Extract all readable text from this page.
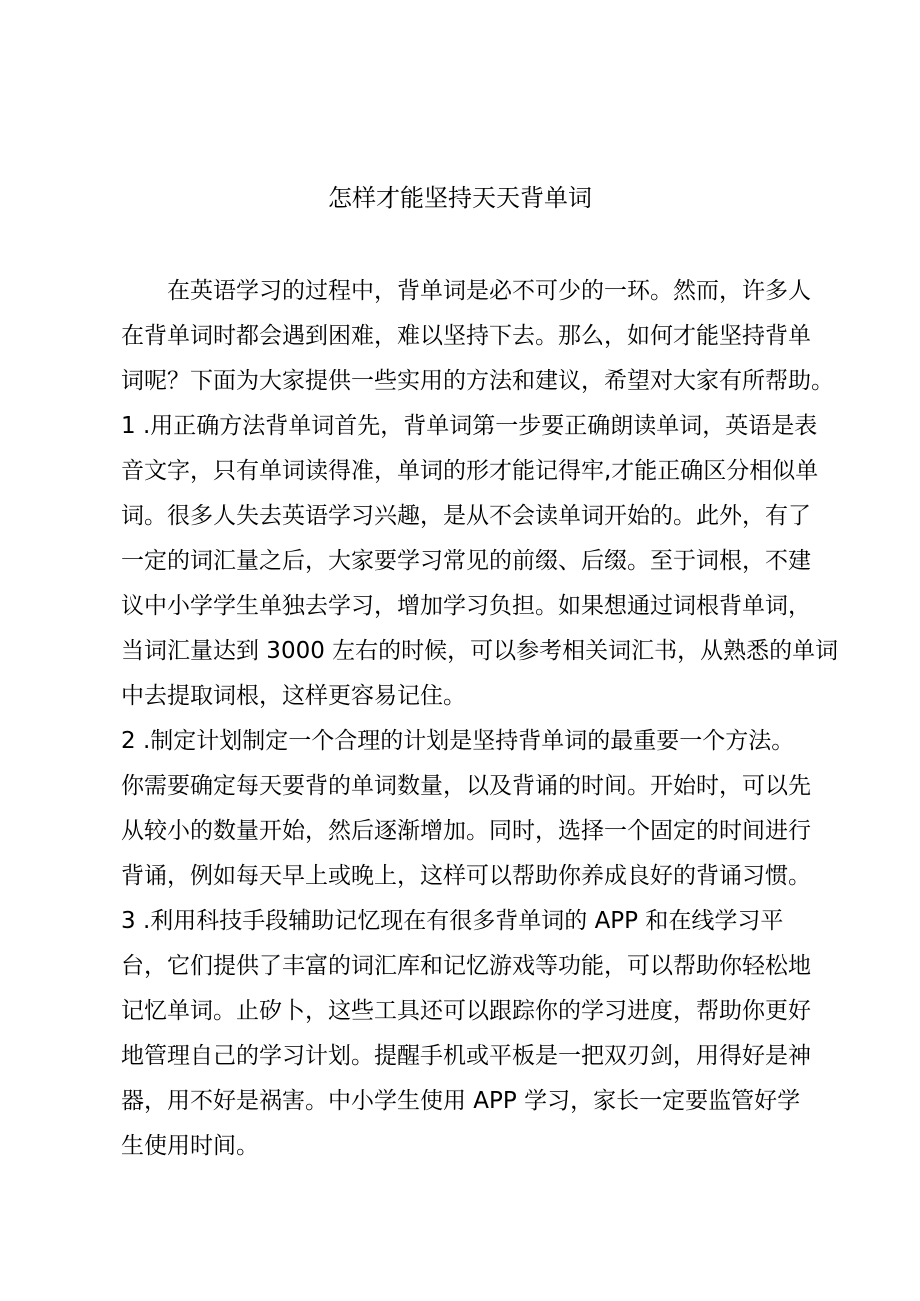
怎样才能坚持天天背单词
在英语学习的过程中，背单词是必不可少的一环。然而，许多人
在背单词时都会遇到困难，难以坚持下去。那么，如何才能坚持背单
词呢？下面为大家提供一些实用的方法和建议，希望对大家有所帮助。
1 .用正确方法背单词首先，背单词第一步要正确朗读单词，英语是表
音文字，只有单词读得准，单词的形才能记得牢,才能正确区分相似单
词。很多人失去英语学习兴趣，是从不会读单词开始的。此外，有了
一定的词汇量之后，大家要学习常见的前缀、后缀。至于词根，不建
议中小学学生单独去学习，增加学习负担。如果想通过词根背单词，
当词汇量达到 3000 左右的时候，可以参考相关词汇书，从熟悉的单词
中去提取词根，这样更容易记住。
2 .制定计划制定一个合理的计划是坚持背单词的最重要一个方法。
你需要确定每天要背的单词数量，以及背诵的时间。开始时，可以先
从较小的数量开始，然后逐渐增加。同时，选择一个固定的时间进行
背诵，例如每天早上或晚上，这样可以帮助你养成良好的背诵习惯。
3 .利用科技手段辅助记忆现在有很多背单词的 APP 和在线学习平
台，它们提供了丰富的词汇库和记忆游戏等功能，可以帮助你轻松地
记忆单词。止矽卜，这些工具还可以跟踪你的学习进度，帮助你更好
地管理自己的学习计划。提醒手机或平板是一把双刃剑，用得好是神
器，用不好是祸害。中小学生使用 APP 学习，家长一定要监管好学
生使用时间。
